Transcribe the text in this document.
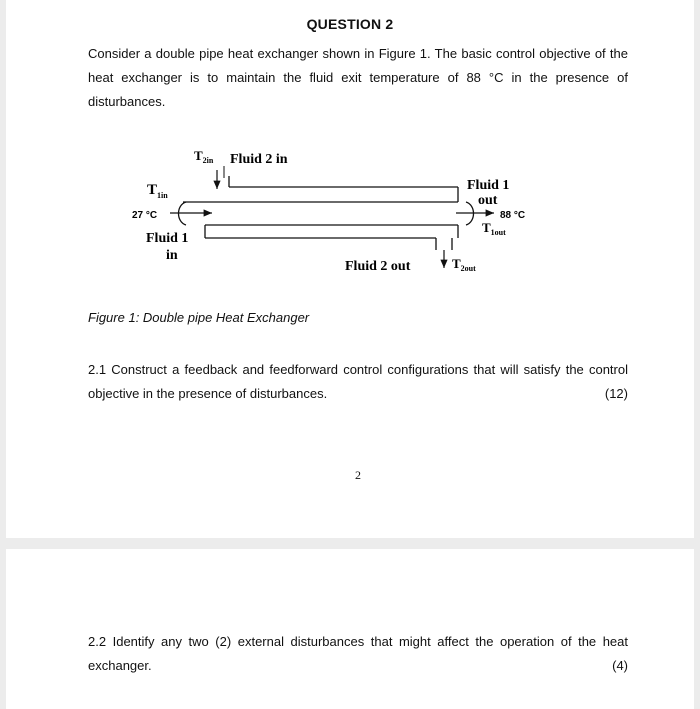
QUESTION 2
Consider a double pipe heat exchanger shown in Figure 1. The basic control objective of the heat exchanger is to maintain the fluid exit temperature of 88 °C in the presence of disturbances.
$T_{2in}$ Fluid 2 in
$T_{1in}$
27 °C
Fluid 1
in
Fluid 1
out
88 °C
$T_{1out}$
Fluid 2 out	$T_{2out}$
Figure 1: Double pipe Heat Exchanger
2.1 Construct a feedback and feedforward control configurations that will satisfy the control objective in the presence of disturbances.	(12)
2
2.2 Identify any two (2) external disturbances that might affect the operation of the heat exchanger.	(4)
